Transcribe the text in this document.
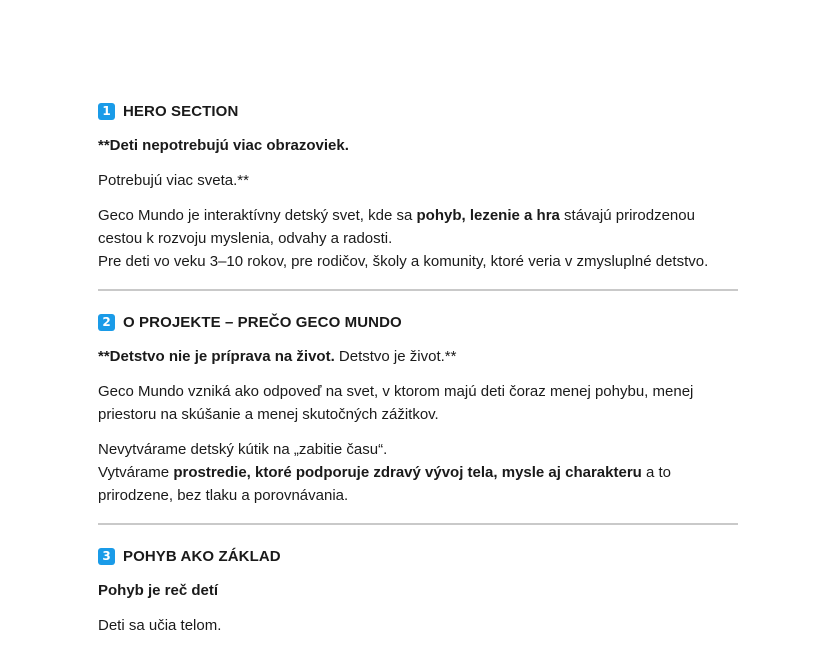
1 HERO SECTION

**Deti nepotrebujú viac obrazoviek.

Potrebujú viac sveta.**

Geco Mundo je interaktívny detský svet, kde sa pohyb, lezenie a hra stávajú prirodzenou cestou k rozvoju myslenia, odvahy a radosti.

Pre deti vo veku 3–10 rokov, pre rodičov, školy a komunity, ktoré veria v zmysluplné detstvo.

2 O PROJEKTE – PREČO GECO MUNDO

**Detstvo nie je príprava na život. Detstvo je život.**

Geco Mundo vzniká ako odpoveď na svet, v ktorom majú deti čoraz menej pohybu, menej priestoru na skúšanie a menej skutočných zážitkov.

Nevytvárame detský kútik na „zabitie času“.

Vytvárame prostredie, ktoré podporuje zdravý vývoj tela, mysle aj charakteru a to prirodzene, bez tlaku a porovnávania.

3 POHYB AKO ZÁKLAD

Pohyb je reč detí

Deti sa učia telom.
